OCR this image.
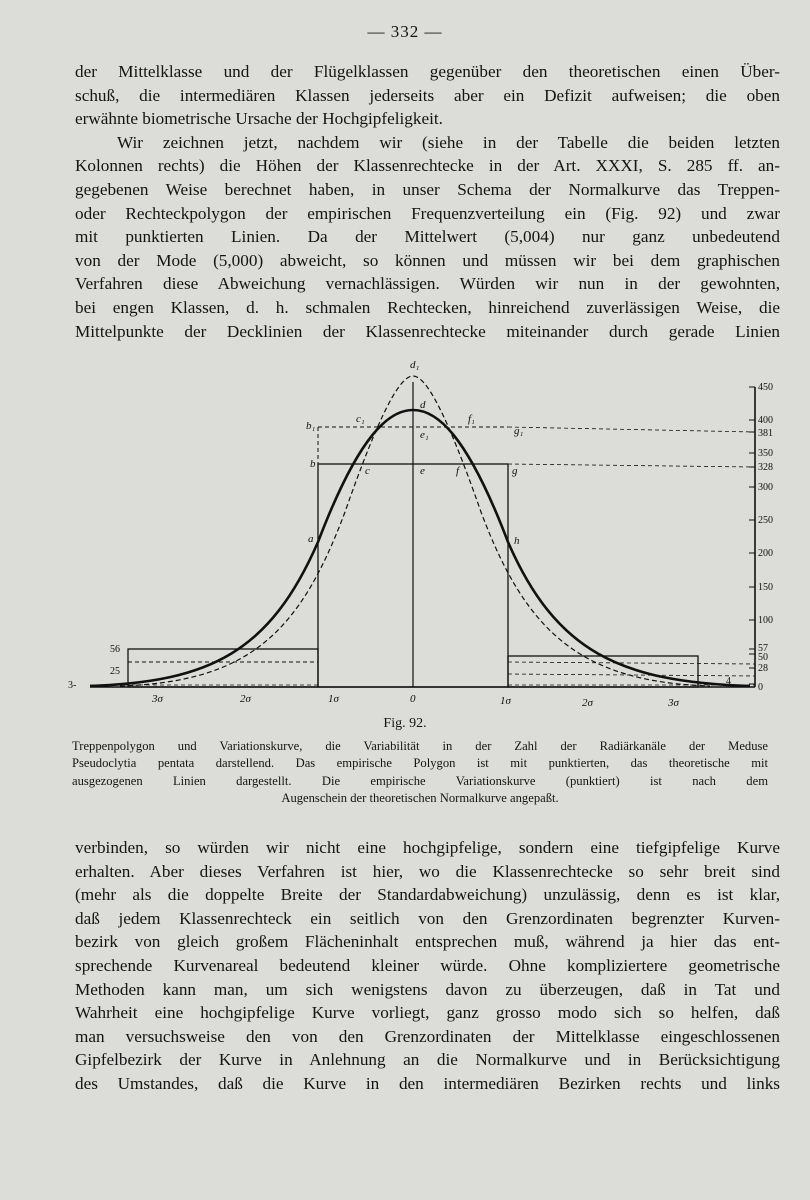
— 332 —
der Mittelklasse und der Flügelklassen gegenüber den theoretischen einen Über-
schuß, die intermediären Klassen jederseits aber ein Defizit aufweisen; die oben
erwähnte biometrische Ursache der Hochgipfeligkeit.
Wir zeichnen jetzt, nachdem wir (siehe in der Tabelle die beiden letzten
Kolonnen rechts) die Höhen der Klassenrechtecke in der Art. XXXI, S. 285 ff. an-
gegebenen Weise berechnet haben, in unser Schema der Normalkurve das Treppen-
oder Rechteckpolygon der empirischen Frequenzverteilung ein (Fig. 92) und zwar
mit punktierten Linien. Da der Mittelwert (5,004) nur ganz unbedeutend
von der Mode (5,000) abweicht, so können und müssen wir bei dem graphischen
Verfahren diese Abweichung vernachlässigen. Würden wir nun in der gewohnten,
bei engen Klassen, d. h. schmalen Rechtecken, hinreichend zuverlässigen Weise, die
Mittelpunkte der Decklinien der Klassenrechtecke miteinander durch gerade Linien
d₁
d
c₁
e₁
f₁
b₁	g₁
b
c	e	f	g
a	h
56
25
3-
3σ	2σ	1σ	0	1σ	2σ	3σ
450
400
381
350
328
300
250
200
150
100
57
50
28
4
0
Fig. 92.
Treppenpolygon und Variationskurve, die Variabilität in der Zahl der Radiärkanäle der Meduse
Pseudoclytia pentata darstellend. Das empirische Polygon ist mit punktierten, das theoretische mit
ausgezogenen Linien dargestellt. Die empirische Variationskurve (punktiert) ist nach dem
Augenschein der theoretischen Normalkurve angepaßt.
verbinden, so würden wir nicht eine hochgipfelige, sondern eine tiefgipfelige Kurve
erhalten. Aber dieses Verfahren ist hier, wo die Klassenrechtecke so sehr breit sind
(mehr als die doppelte Breite der Standardabweichung) unzulässig, denn es ist klar,
daß jedem Klassenrechteck ein seitlich von den Grenzordinaten begrenzter Kurven-
bezirk von gleich großem Flächeninhalt entsprechen muß, während ja hier das ent-
sprechende Kurvenareal bedeutend kleiner würde. Ohne kompliziertere geometrische
Methoden kann man, um sich wenigstens davon zu überzeugen, daß in Tat und
Wahrheit eine hochgipfelige Kurve vorliegt, ganz grosso modo sich so helfen, daß
man versuchsweise den von den Grenzordinaten der Mittelklasse eingeschlossenen
Gipfelbezirk der Kurve in Anlehnung an die Normalkurve und in Berücksichtigung
des Umstandes, daß die Kurve in den intermediären Bezirken rechts und links
